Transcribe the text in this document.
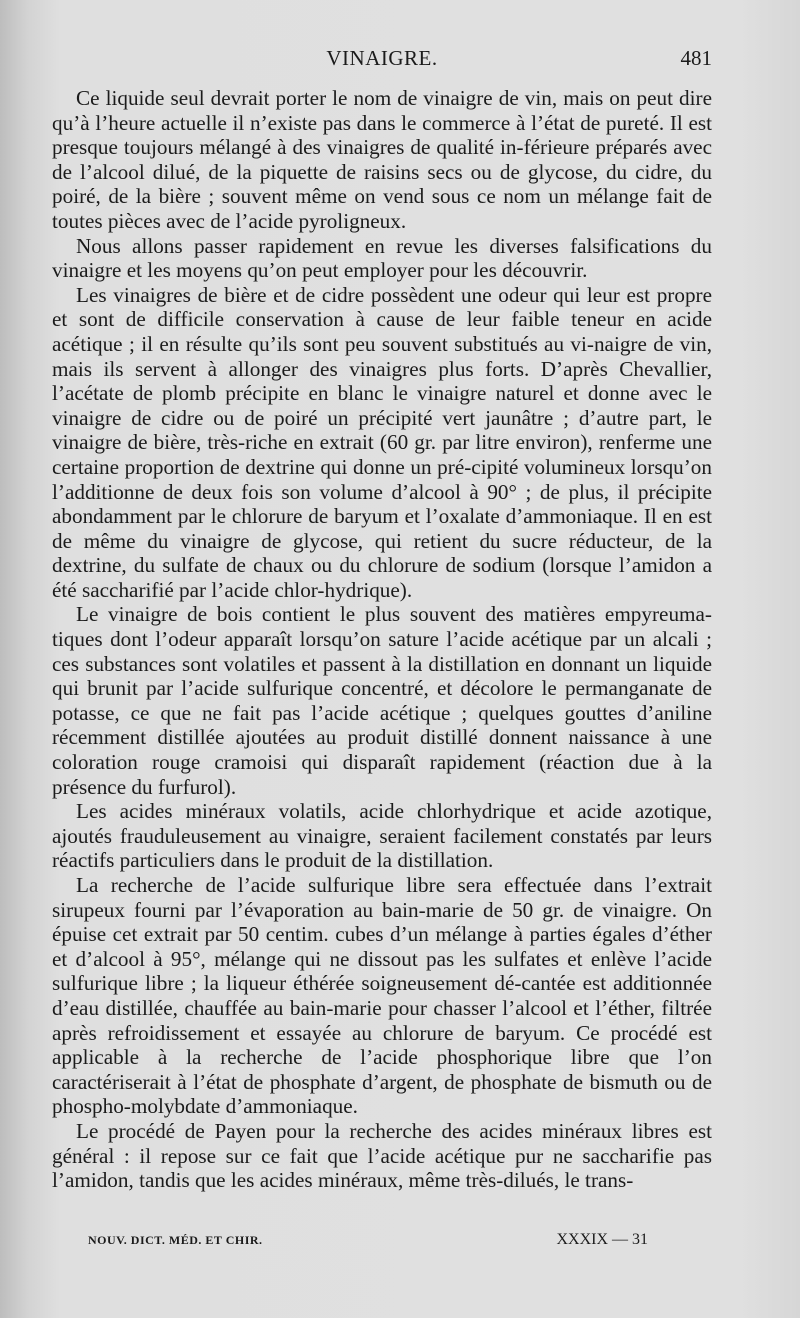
VINAIGRE.	481

Ce liquide seul devrait porter le nom de vinaigre de vin, mais on peut dire qu’à l’heure actuelle il n’existe pas dans le commerce à l’état de pureté. Il est presque toujours mélangé à des vinaigres de qualité in-férieure préparés avec de l’alcool dilué, de la piquette de raisins secs ou de glycose, du cidre, du poiré, de la bière ; souvent même on vend sous ce nom un mélange fait de toutes pièces avec de l’acide pyroligneux.

Nous allons passer rapidement en revue les diverses falsifications du vinaigre et les moyens qu’on peut employer pour les découvrir.

Les vinaigres de bière et de cidre possèdent une odeur qui leur est propre et sont de difficile conservation à cause de leur faible teneur en acide acétique ; il en résulte qu’ils sont peu souvent substitués au vi-naigre de vin, mais ils servent à allonger des vinaigres plus forts. D’après Chevallier, l’acétate de plomb précipite en blanc le vinaigre naturel et donne avec le vinaigre de cidre ou de poiré un précipité vert jaunâtre ; d’autre part, le vinaigre de bière, très-riche en extrait (60 gr. par litre environ), renferme une certaine proportion de dextrine qui donne un pré-cipité volumineux lorsqu’on l’additionne de deux fois son volume d’alcool à 90° ; de plus, il précipite abondamment par le chlorure de baryum et l’oxalate d’ammoniaque. Il en est de même du vinaigre de glycose, qui retient du sucre réducteur, de la dextrine, du sulfate de chaux ou du chlorure de sodium (lorsque l’amidon a été saccharifié par l’acide chlor-hydrique).

Le vinaigre de bois contient le plus souvent des matières empyreuma-tiques dont l’odeur apparaît lorsqu’on sature l’acide acétique par un alcali ; ces substances sont volatiles et passent à la distillation en donnant un liquide qui brunit par l’acide sulfurique concentré, et décolore le permanganate de potasse, ce que ne fait pas l’acide acétique ; quelques gouttes d’aniline récemment distillée ajoutées au produit distillé donnent naissance à une coloration rouge cramoisi qui disparaît rapidement (réaction due à la présence du furfurol).

Les acides minéraux volatils, acide chlorhydrique et acide azotique, ajoutés frauduleusement au vinaigre, seraient facilement constatés par leurs réactifs particuliers dans le produit de la distillation.

La recherche de l’acide sulfurique libre sera effectuée dans l’extrait sirupeux fourni par l’évaporation au bain-marie de 50 gr. de vinaigre. On épuise cet extrait par 50 centim. cubes d’un mélange à parties égales d’éther et d’alcool à 95°, mélange qui ne dissout pas les sulfates et enlève l’acide sulfurique libre ; la liqueur éthérée soigneusement dé-cantée est additionnée d’eau distillée, chauffée au bain-marie pour chasser l’alcool et l’éther, filtrée après refroidissement et essayée au chlorure de baryum. Ce procédé est applicable à la recherche de l’acide phosphorique libre que l’on caractériserait à l’état de phosphate d’argent, de phosphate de bismuth ou de phospho-molybdate d’ammoniaque.

Le procédé de Payen pour la recherche des acides minéraux libres est général : il repose sur ce fait que l’acide acétique pur ne saccharifie pas l’amidon, tandis que les acides minéraux, même très-dilués, le trans-

NOUV. DICT. MÉD. ET CHIR.	XXXIX — 31
